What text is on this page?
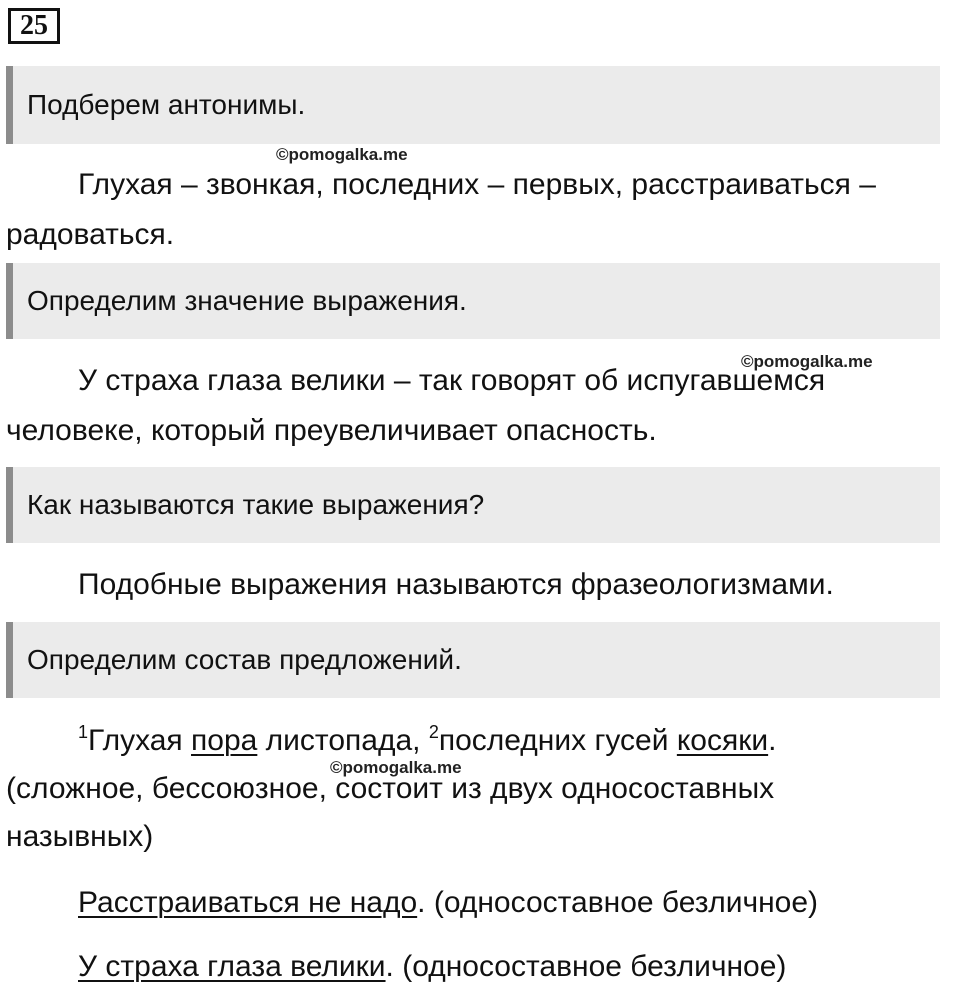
25
Подберем антонимы.
©pomogalka.me
Глухая – звонкая, последних – первых, расстраиваться –
радоваться.
Определим значение выражения.
©pomogalka.me
У страха глаза велики – так говорят об испугавшемся
человеке, который преувеличивает опасность.
Как называются такие выражения?
Подобные выражения называются фразеологизмами.
Определим состав предложений.
$^1$Глухая пора листопада, $^2$последних гусей косяки.
©pomogalka.me
(сложное, бессоюзное, состоит из двух односоставных
назывных)
Расстраиваться не надо. (односоставное безличное)
У страха глаза велики. (односоставное безличное)
